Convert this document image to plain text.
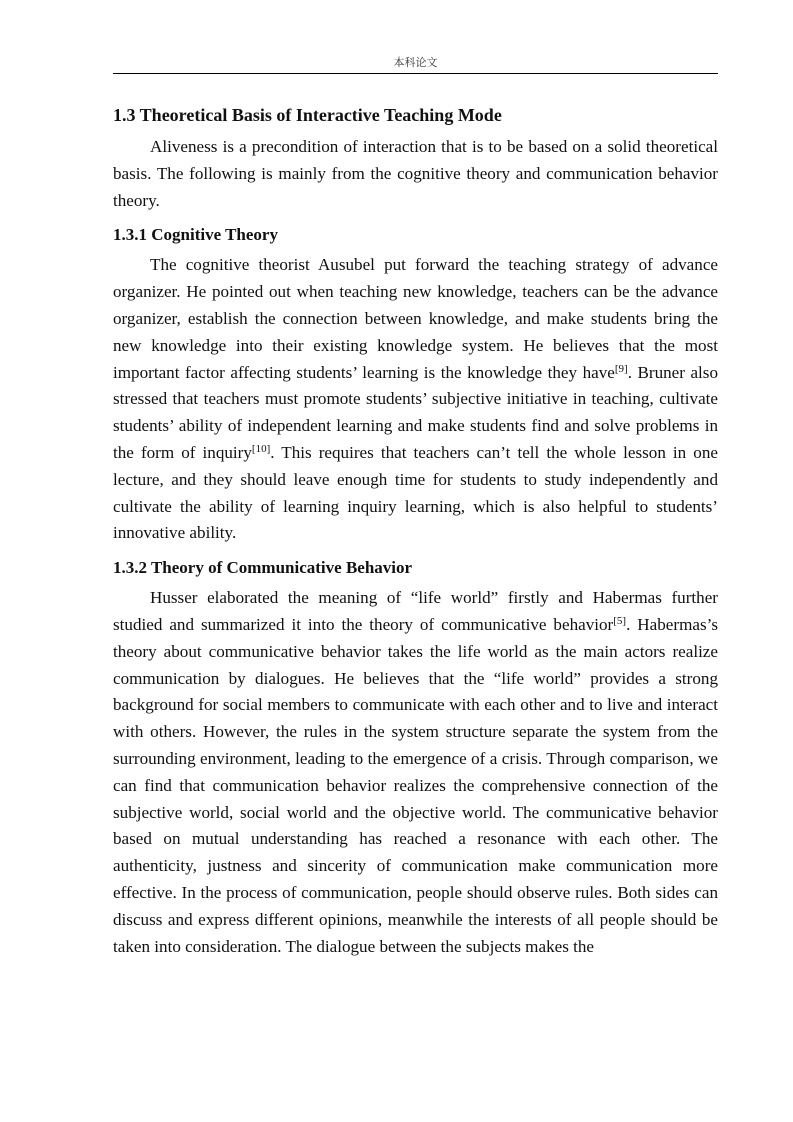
本科论文
1.3 Theoretical Basis of Interactive Teaching Mode

Aliveness is a precondition of interaction that is to be based on a solid theoretical basis. The following is mainly from the cognitive theory and communication behavior theory.

1.3.1 Cognitive Theory

The cognitive theorist Ausubel put forward the teaching strategy of advance organizer. He pointed out when teaching new knowledge, teachers can be the advance organizer, establish the connection between knowledge, and make students bring the new knowledge into their existing knowledge system. He believes that the most important factor affecting students’ learning is the knowledge they have[9]. Bruner also stressed that teachers must promote students’ subjective initiative in teaching, cultivate students’ ability of independent learning and make students find and solve problems in the form of inquiry[10]. This requires that teachers can’t tell the whole lesson in one lecture, and they should leave enough time for students to study independently and cultivate the ability of learning inquiry learning, which is also helpful to students’ innovative ability.

1.3.2 Theory of Communicative Behavior

Husser elaborated the meaning of “life world” firstly and Habermas further studied and summarized it into the theory of communicative behavior[5]. Habermas’s theory about communicative behavior takes the life world as the main actors realize communication by dialogues. He believes that the “life world” provides a strong background for social members to communicate with each other and to live and interact with others. However, the rules in the system structure separate the system from the surrounding environment, leading to the emergence of a crisis. Through comparison, we can find that communication behavior realizes the comprehensive connection of the subjective world, social world and the objective world. The communicative behavior based on mutual understanding has reached a resonance with each other. The authenticity, justness and sincerity of communication make communication more effective. In the process of communication, people should observe rules. Both sides can discuss and express different opinions, meanwhile the interests of all people should be taken into consideration. The dialogue between the subjects makes the
